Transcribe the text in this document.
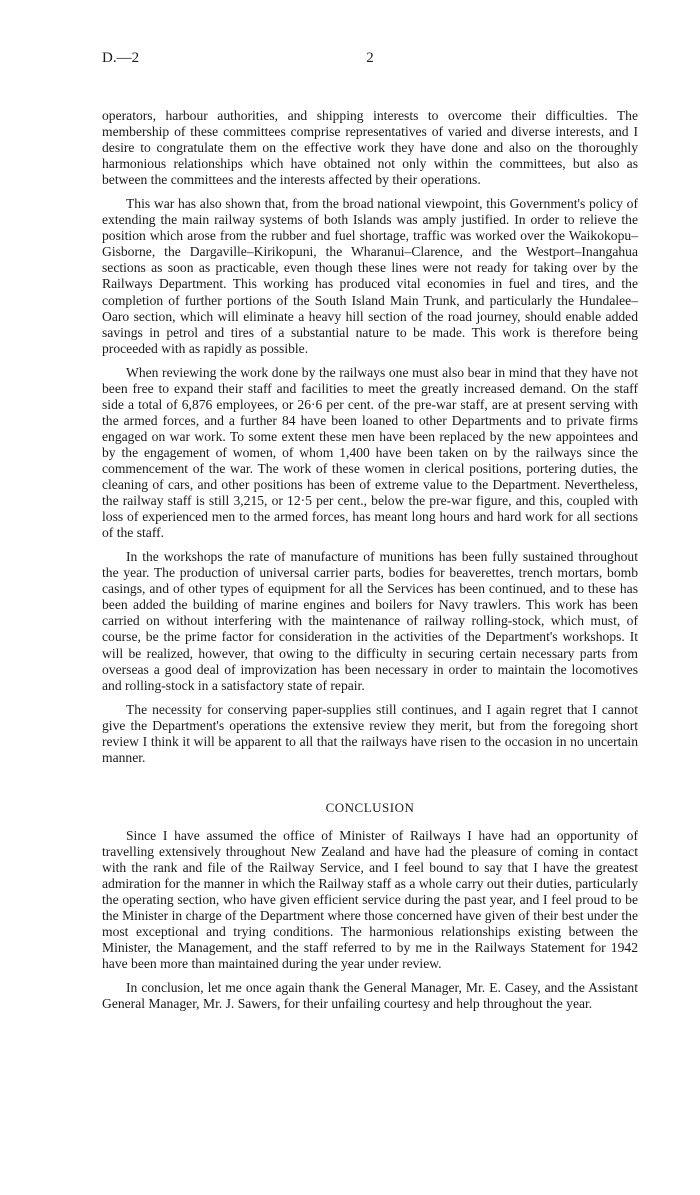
D.—2	2

operators, harbour authorities, and shipping interests to overcome their difficulties. The membership of these committees comprise representatives of varied and diverse interests, and I desire to congratulate them on the effective work they have done and also on the thoroughly harmonious relationships which have obtained not only within the committees, but also as between the committees and the interests affected by their operations.

This war has also shown that, from the broad national viewpoint, this Government's policy of extending the main railway systems of both Islands was amply justified. In order to relieve the position which arose from the rubber and fuel shortage, traffic was worked over the Waikokopu–Gisborne, the Dargaville–Kirikopuni, the Wharanui–Clarence, and the Westport–Inangahua sections as soon as practicable, even though these lines were not ready for taking over by the Railways Department. This working has produced vital economies in fuel and tires, and the completion of further portions of the South Island Main Trunk, and particularly the Hundalee–Oaro section, which will eliminate a heavy hill section of the road journey, should enable added savings in petrol and tires of a substantial nature to be made. This work is therefore being proceeded with as rapidly as possible.

When reviewing the work done by the railways one must also bear in mind that they have not been free to expand their staff and facilities to meet the greatly increased demand. On the staff side a total of 6,876 employees, or 26·6 per cent. of the pre-war staff, are at present serving with the armed forces, and a further 84 have been loaned to other Departments and to private firms engaged on war work. To some extent these men have been replaced by the new appointees and by the engagement of women, of whom 1,400 have been taken on by the railways since the commencement of the war. The work of these women in clerical positions, portering duties, the cleaning of cars, and other positions has been of extreme value to the Department. Nevertheless, the railway staff is still 3,215, or 12·5 per cent., below the pre-war figure, and this, coupled with loss of experienced men to the armed forces, has meant long hours and hard work for all sections of the staff.

In the workshops the rate of manufacture of munitions has been fully sustained throughout the year. The production of universal carrier parts, bodies for beaverettes, trench mortars, bomb casings, and of other types of equipment for all the Services has been continued, and to these has been added the building of marine engines and boilers for Navy trawlers. This work has been carried on without interfering with the maintenance of railway rolling-stock, which must, of course, be the prime factor for consideration in the activities of the Department's workshops. It will be realized, however, that owing to the difficulty in securing certain necessary parts from overseas a good deal of improvization has been necessary in order to maintain the locomotives and rolling-stock in a satisfactory state of repair.

The necessity for conserving paper-supplies still continues, and I again regret that I cannot give the Department's operations the extensive review they merit, but from the foregoing short review I think it will be apparent to all that the railways have risen to the occasion in no uncertain manner.

CONCLUSION

Since I have assumed the office of Minister of Railways I have had an opportunity of travelling extensively throughout New Zealand and have had the pleasure of coming in contact with the rank and file of the Railway Service, and I feel bound to say that I have the greatest admiration for the manner in which the Railway staff as a whole carry out their duties, particularly the operating section, who have given efficient service during the past year, and I feel proud to be the Minister in charge of the Department where those concerned have given of their best under the most exceptional and trying conditions. The harmonious relationships existing between the Minister, the Management, and the staff referred to by me in the Railways Statement for 1942 have been more than maintained during the year under review.

In conclusion, let me once again thank the General Manager, Mr. E. Casey, and the Assistant General Manager, Mr. J. Sawers, for their unfailing courtesy and help throughout the year.
